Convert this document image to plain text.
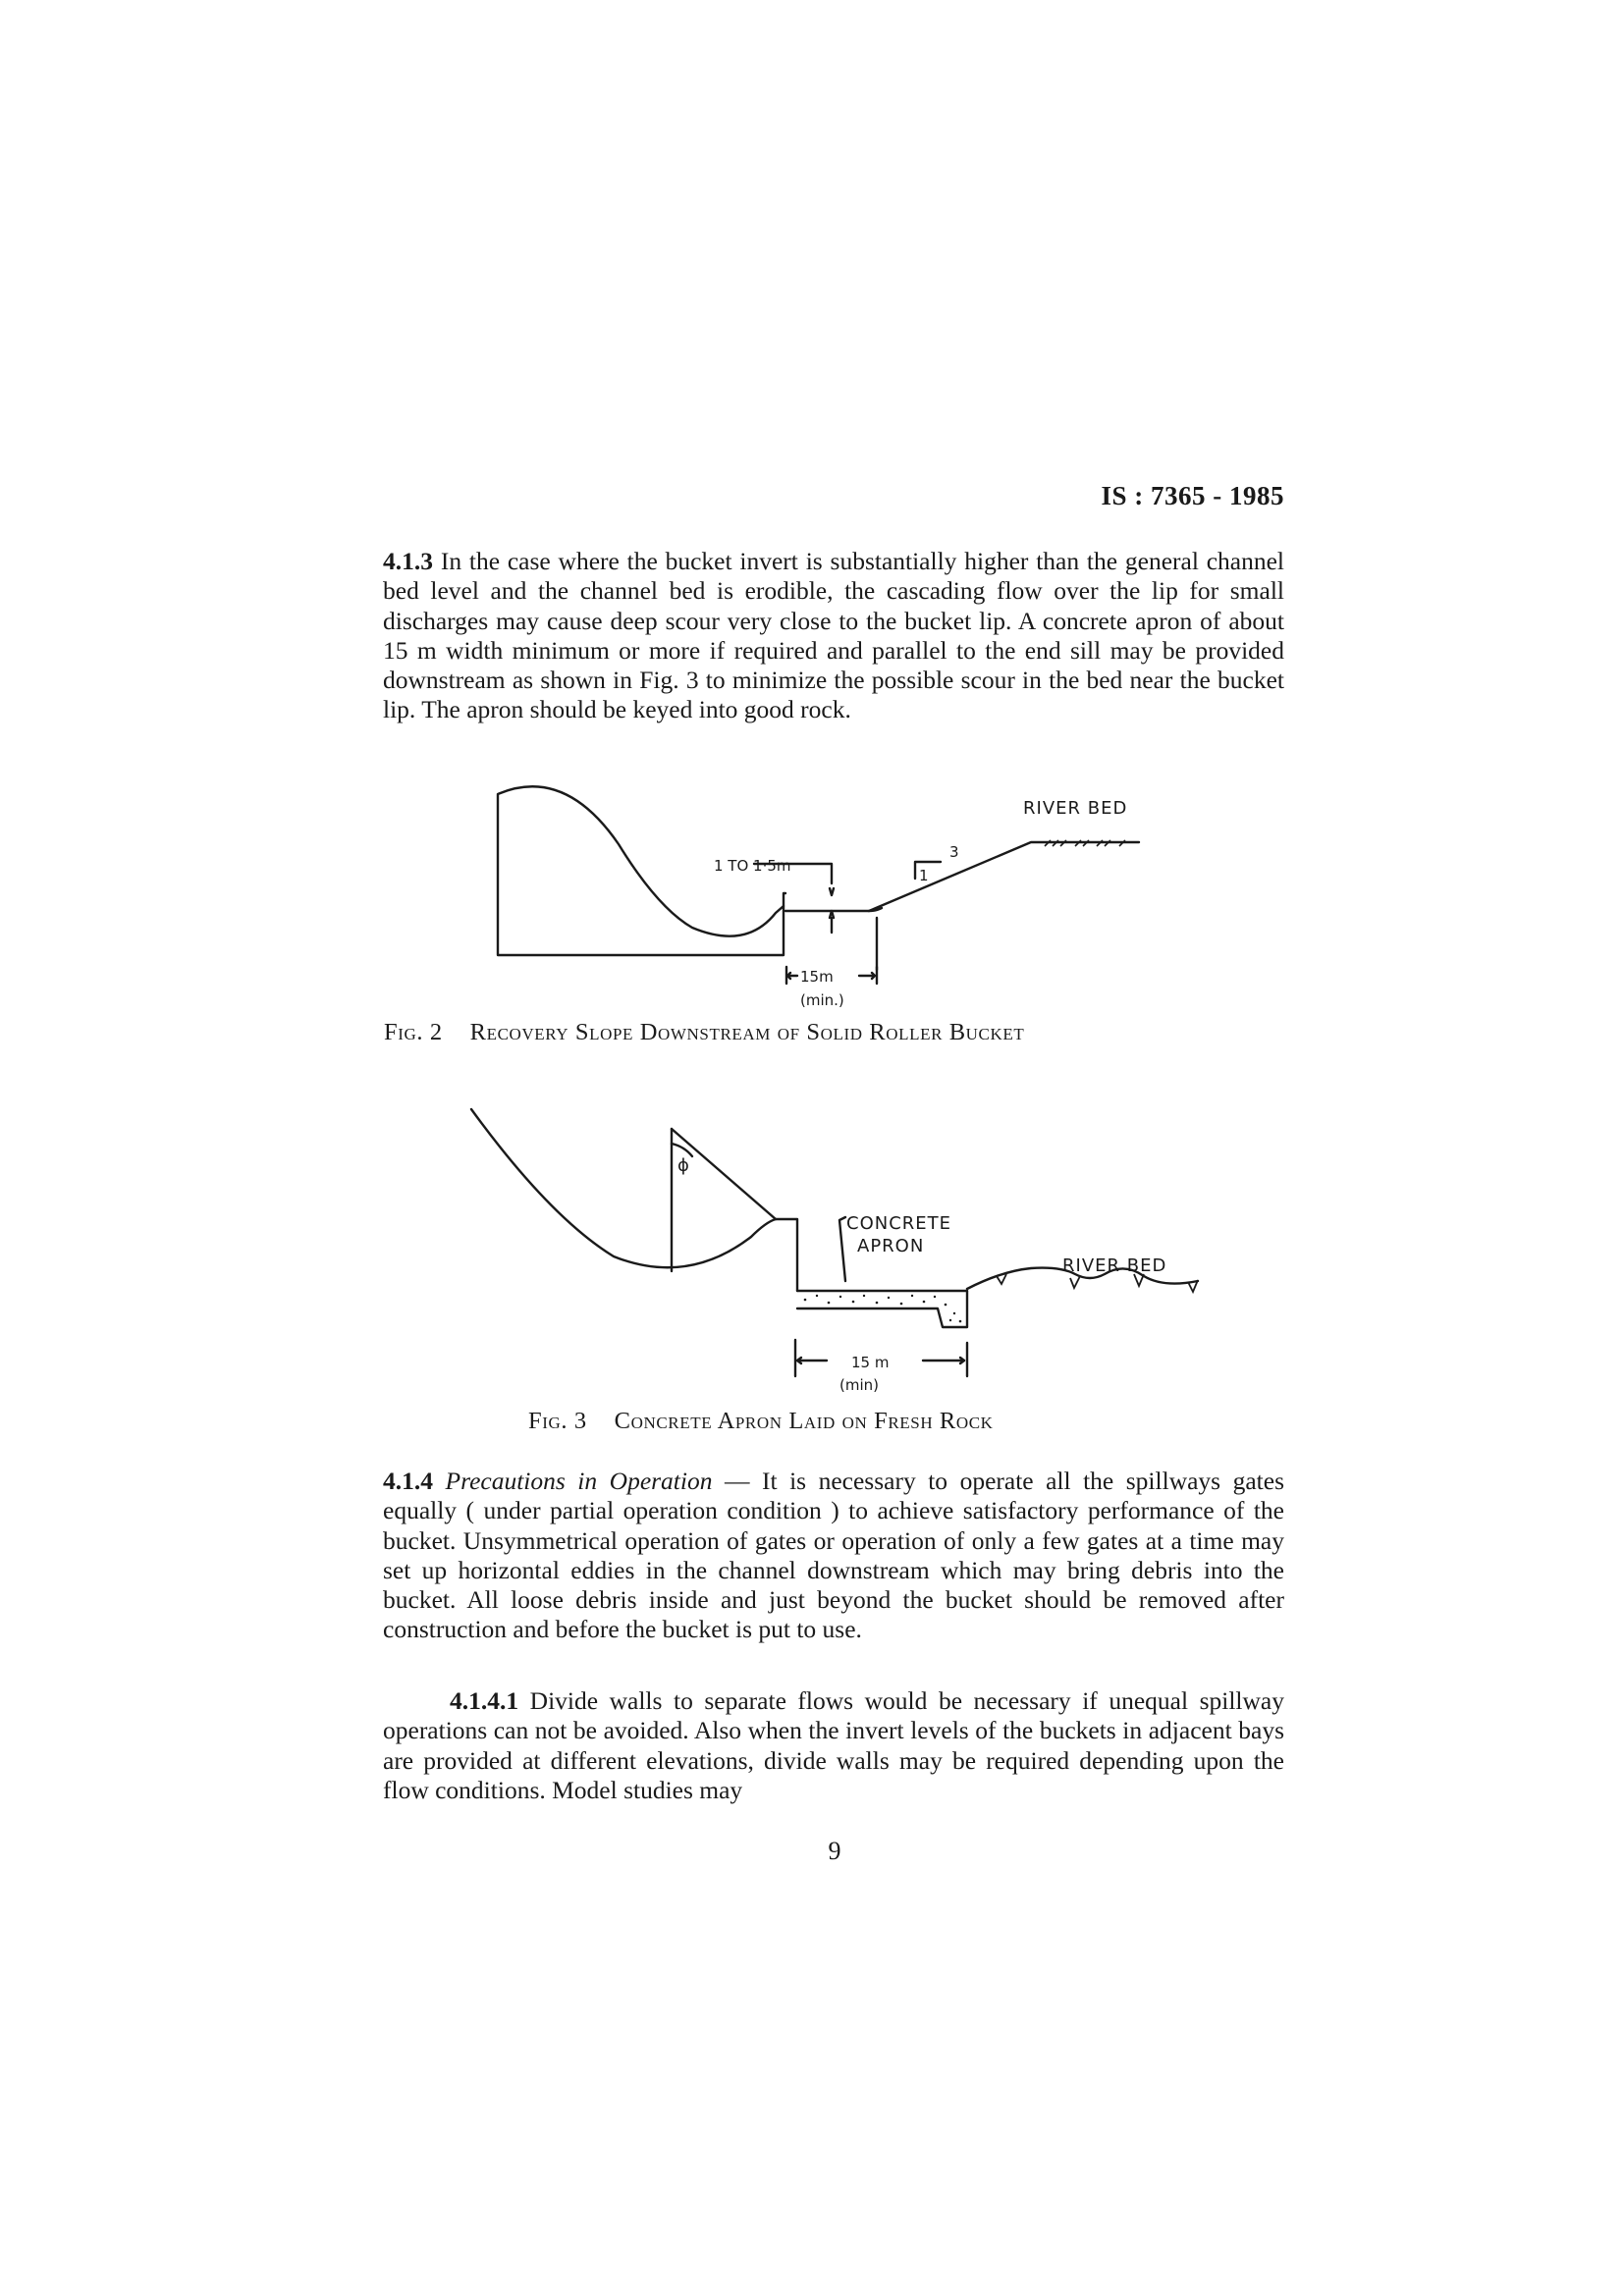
IS : 7365 - 1985

4.1.3 In the case where the bucket invert is substantially higher than the general channel bed level and the channel bed is erodible, the cascading flow over the lip for small discharges may cause deep scour very close to the bucket lip. A concrete apron of about 15 m width minimum or more if required and parallel to the end sill may be provided downstream as shown in Fig. 3 to minimize the possible scour in the bed near the bucket lip. The apron should be keyed into good rock.

RIVER BED
1 TO 1·5m
1
3
15m
(min.)
Fig. 2 Recovery Slope Downstream of Solid Roller Bucket
ϕ
CONCRETE
APRON
RIVER BED
15 m
(min)
Fig. 3 Concrete Apron Laid on Fresh Rock

4.1.4 Precautions in Operation — It is necessary to operate all the spillways gates equally ( under partial operation condition ) to achieve satisfactory performance of the bucket. Unsymmetrical operation of gates or operation of only a few gates at a time may set up horizontal eddies in the channel downstream which may bring debris into the bucket. All loose debris inside and just beyond the bucket should be removed after construction and before the bucket is put to use.

4.1.4.1 Divide walls to separate flows would be necessary if unequal spillway operations can not be avoided. Also when the invert levels of the buckets in adjacent bays are provided at different elevations, divide walls may be required depending upon the flow conditions. Model studies may

9
